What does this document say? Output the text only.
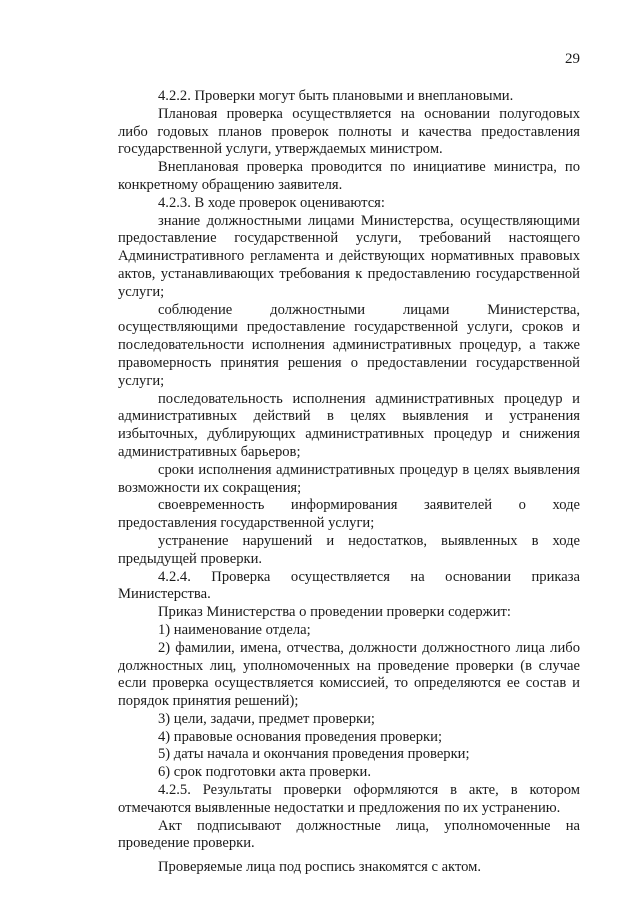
29

4.2.2. Проверки могут быть плановыми и внеплановыми.

Плановая проверка осуществляется на основании полугодовых либо годовых планов проверок полноты и качества предоставления государственной услуги, утверждаемых министром.

Внеплановая проверка проводится по инициативе министра, по конкретному обращению заявителя.

4.2.3. В ходе проверок оцениваются:

знание должностными лицами Министерства, осуществляющими предоставление государственной услуги, требований настоящего Административного регламента и действующих нормативных правовых актов, устанавливающих требования к предоставлению государственной услуги;

соблюдение должностными лицами Министерства, осуществляющими предоставление государственной услуги, сроков и последовательности исполнения административных процедур, а также правомерность принятия решения о предоставлении государственной услуги;

последовательность исполнения административных процедур и административных действий в целях выявления и устранения избыточных, дублирующих административных процедур и снижения административных барьеров;

сроки исполнения административных процедур в целях выявления возможности их сокращения;

своевременность информирования заявителей о ходе предоставления государственной услуги;

устранение нарушений и недостатков, выявленных в ходе предыдущей проверки.

4.2.4. Проверка осуществляется на основании приказа Министерства.

Приказ Министерства о проведении проверки содержит:

1) наименование отдела;

2) фамилии, имена, отчества, должности должностного лица либо должностных лиц, уполномоченных на проведение проверки (в случае если проверка осуществляется комиссией, то определяются ее состав и порядок принятия решений);

3) цели, задачи, предмет проверки;

4) правовые основания проведения проверки;

5) даты начала и окончания проведения проверки;

6) срок подготовки акта проверки.

4.2.5. Результаты проверки оформляются в акте, в котором отмечаются выявленные недостатки и предложения по их устранению.

Акт подписывают должностные лица, уполномоченные на проведение проверки.

Проверяемые лица под роспись знакомятся с актом.
